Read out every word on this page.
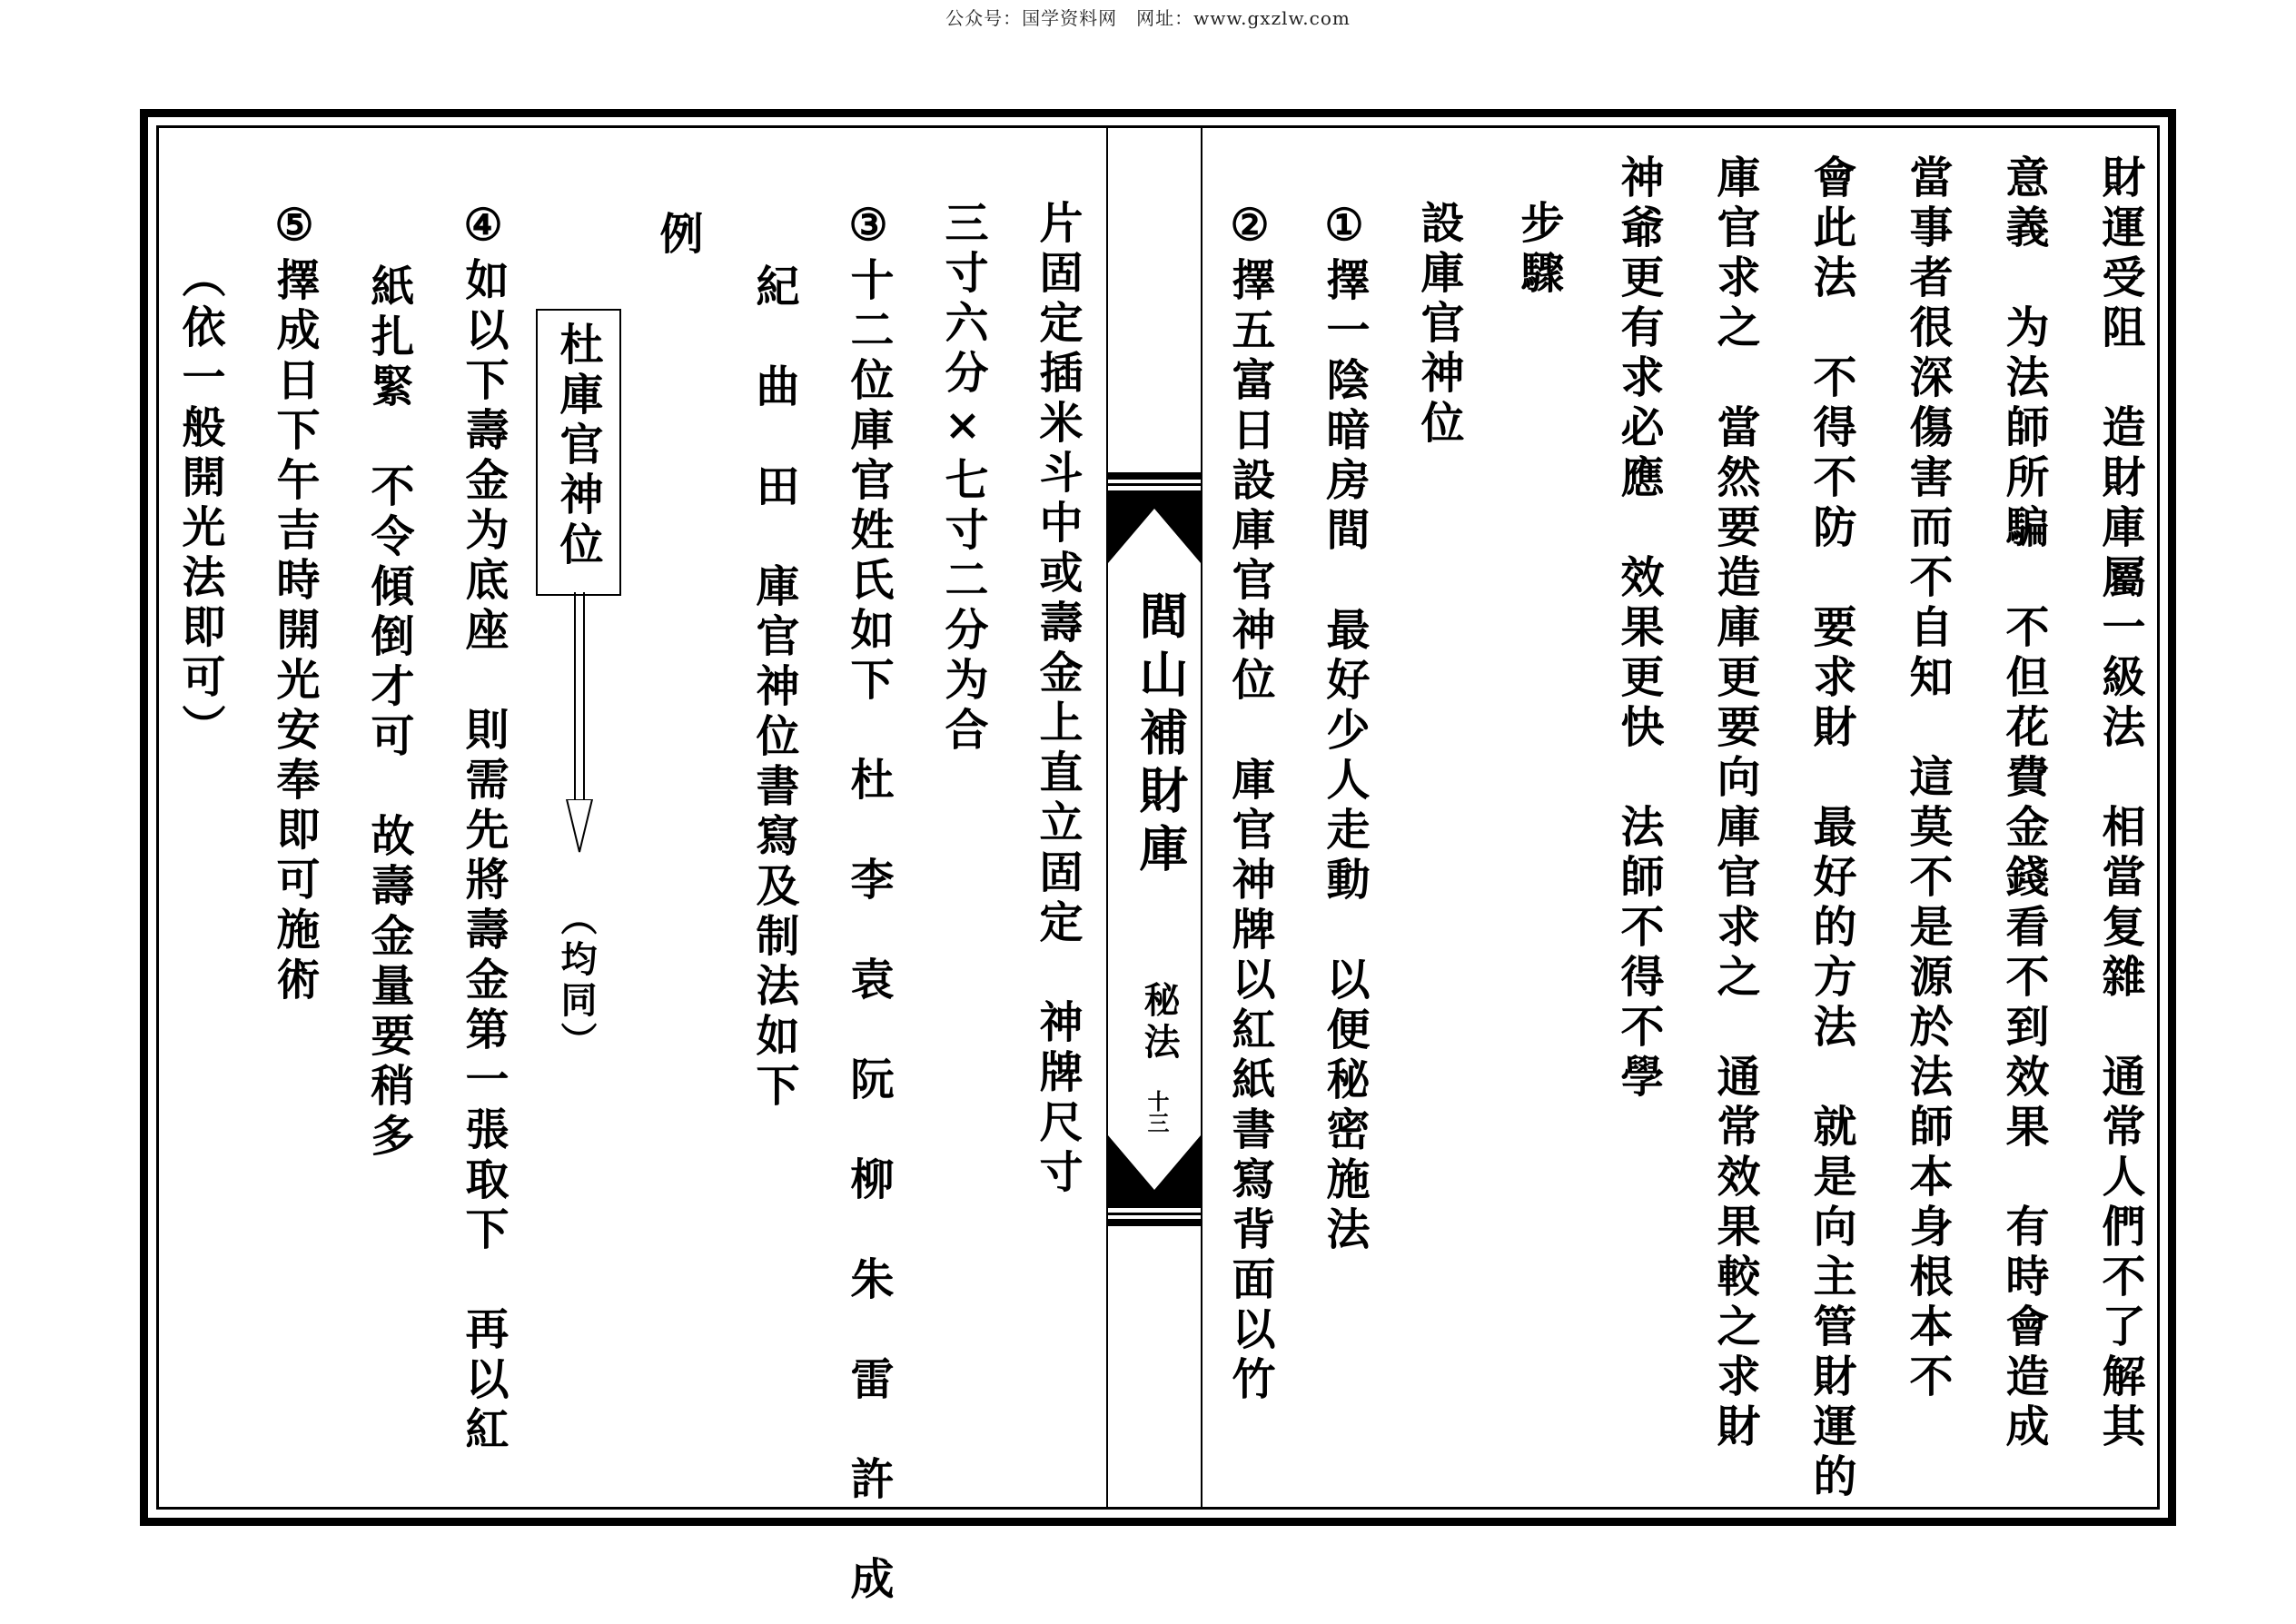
公众号：国学资料网　网址：www.gxzlw.com
閭山補財庫
秘法
十三	財運受阻　造財庫屬一級法　相當复雜　通常人們不了解其
意義　为法師所騙　不但花費金錢看不到效果　有時會造成
當事者很深傷害而不自知　這莫不是源於法師本身根本不
會此法　不得不防　要求財　最好的方法　就是向主管財運的
庫官求之　當然要造庫更要向庫官求之　通常效果較之求財
神爺更有求必應　效果更快　法師不得不學
步驟
設庫官神位
①擇一陰暗房間　最好少人走動　以便秘密施法
②擇五富日設庫官神位　庫官神牌以紅紙書寫背面以竹
片固定插米斗中或壽金上直立固定　神牌尺寸
三寸六分×七寸二分为合
③十二位庫官姓氏如下　杜　李　袁　阮　柳　朱　雷　許　成
紀　曲　田　庫官神位書寫及制法如下
例
杜庫官神位
（均同）
④如以下壽金为底座　則需先將壽金第一張取下　再以紅
紙扎緊　不令傾倒才可　故壽金量要稍多
⑤擇成日下午吉時開光安奉即可施術
（依一般開光法即可）
